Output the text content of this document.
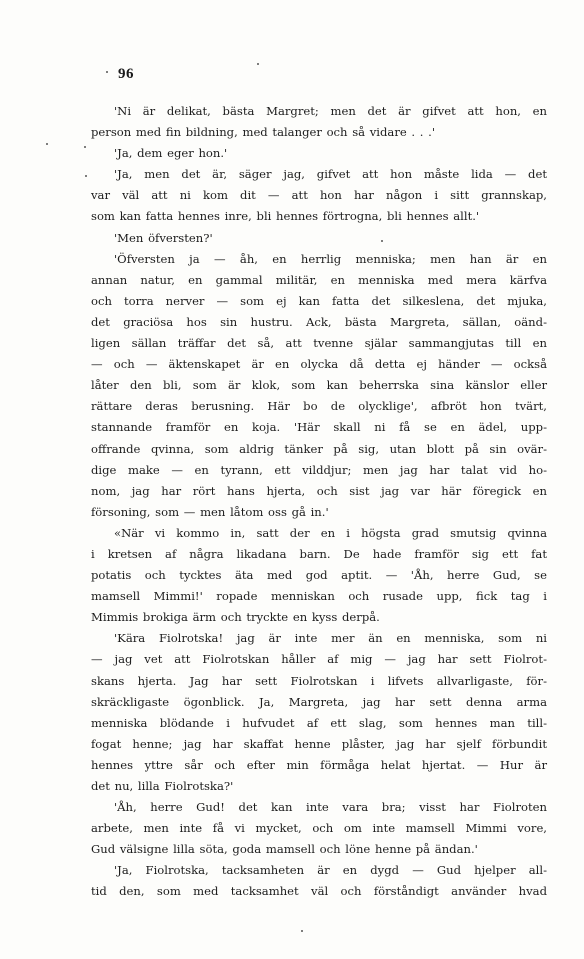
96
'Ni är delikat, bästa Margret; men det är gifvet att hon, en
person med fin bildning, med talanger och så vidare . . .'
'Ja, dem eger hon.'
'Ja, men det är, säger jag, gifvet att hon måste lida — det
var väl att ni kom dit — att hon har någon i sitt grannskap,
som kan fatta hennes inre, bli hennes förtrogna, bli hennes allt.'
'Men öfversten?'
'Öfversten ja — åh, en herrlig menniska; men han är en
annan natur, en gammal militär, en menniska med mera kärfva
och torra nerver — som ej kan fatta det silkeslena, det mjuka,
det graciösa hos sin hustru. Ack, bästa Margreta, sällan, oänd-
ligen sällan träffar det så, att tvenne själar sammangjutas till en
— och — äktenskapet är en olycka då detta ej händer — också
låter den bli, som är klok, som kan beherrska sina känslor eller
rättare deras berusning. Här bo de olycklige', afbröt hon tvärt,
stannande framför en koja. 'Här skall ni få se en ädel, upp-
offrande qvinna, som aldrig tänker på sig, utan blott på sin ovär-
dige make — en tyrann, ett vilddjur; men jag har talat vid ho-
nom, jag har rört hans hjerta, och sist jag var här föregick en
försoning, som — men låtom oss gå in.'
«När vi kommo in, satt der en i högsta grad smutsig qvinna
i kretsen af några likadana barn. De hade framför sig ett fat
potatis och tycktes äta med god aptit. — 'Åh, herre Gud, se
mamsell Mimmi!' ropade menniskan och rusade upp, fick tag i
Mimmis brokiga ärm och tryckte en kyss derpå.
'Kära Fiolrotska! jag är inte mer än en menniska, som ni
— jag vet att Fiolrotskan håller af mig — jag har sett Fiolrot-
skans hjerta. Jag har sett Fiolrotskan i lifvets allvarligaste, för-
skräckligaste ögonblick. Ja, Margreta, jag har sett denna arma
menniska blödande i hufvudet af ett slag, som hennes man till-
fogat henne; jag har skaffat henne plåster, jag har sjelf förbundit
hennes yttre sår och efter min förmåga helat hjertat. — Hur är
det nu, lilla Fiolrotska?'
'Åh, herre Gud! det kan inte vara bra; visst har Fiolroten
arbete, men inte få vi mycket, och om inte mamsell Mimmi vore,
Gud välsigne lilla söta, goda mamsell och löne henne på ändan.'
'Ja, Fiolrotska, tacksamheten är en dygd — Gud hjelper all-
tid den, som med tacksamhet väl och förståndigt använder hvad
